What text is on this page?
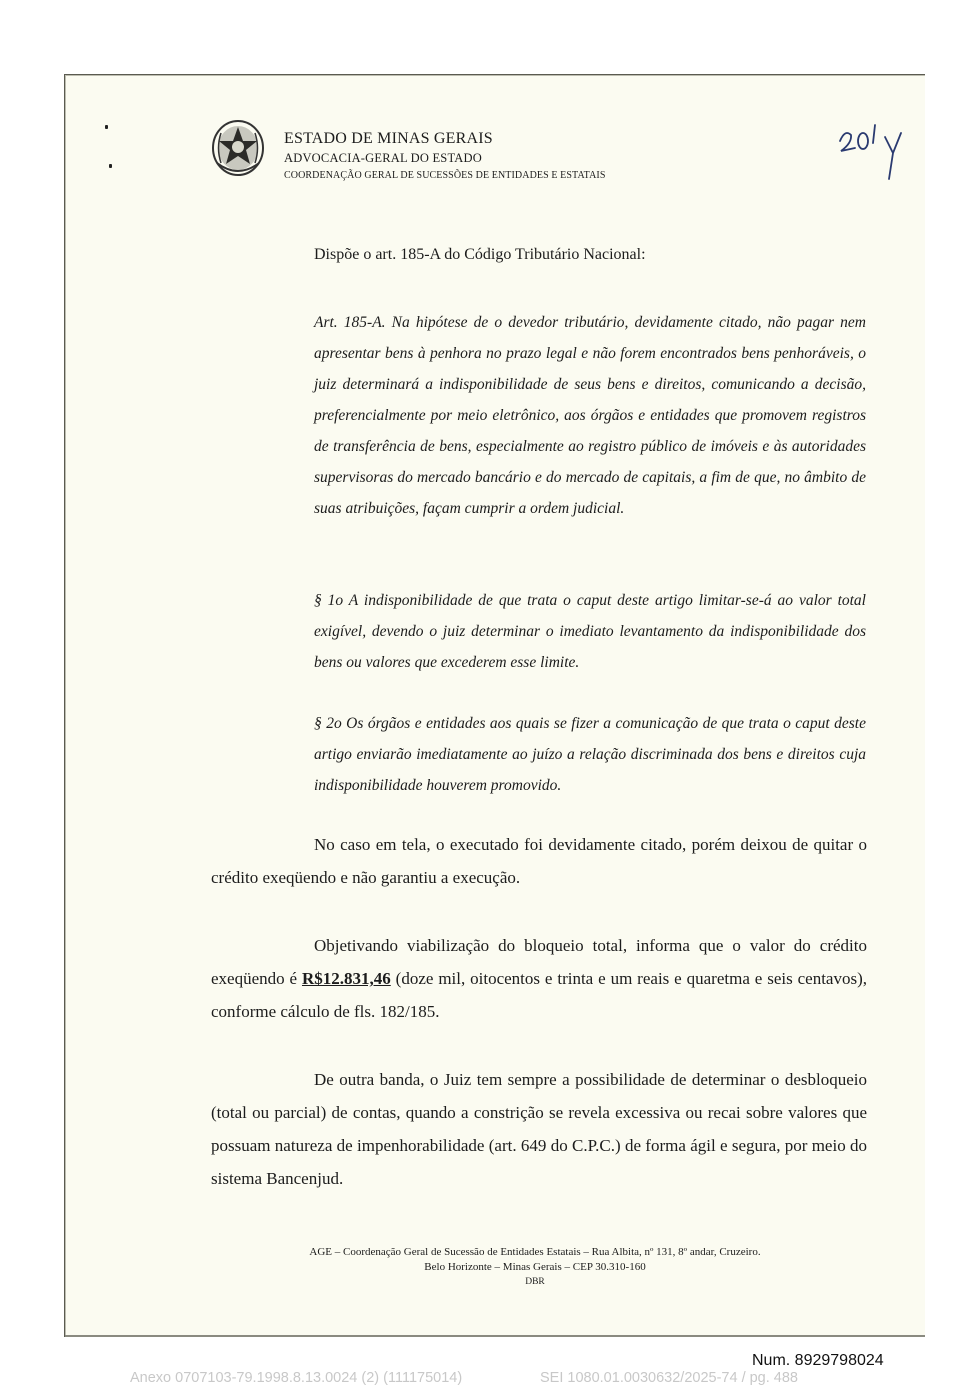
ESTADO DE MINAS GERAIS
ADVOCACIA-GERAL DO ESTADO
COORDENAÇÃO GERAL DE SUCESSÕES DE ENTIDADES E ESTATAIS
Dispõe o art. 185-A do Código Tributário Nacional:
Art. 185-A. Na hipótese de o devedor tributário, devidamente citado, não pagar nem apresentar bens à penhora no prazo legal e não forem encontrados bens penhoráveis, o juiz determinará a indisponibilidade de seus bens e direitos, comunicando a decisão, preferencialmente por meio eletrônico, aos órgãos e entidades que promovem registros de transferência de bens, especialmente ao registro público de imóveis e às autoridades supervisoras do mercado bancário e do mercado de capitais, a fim de que, no âmbito de suas atribuições, façam cumprir a ordem judicial.
§ 1o A indisponibilidade de que trata o caput deste artigo limitar-se-á ao valor total exigível, devendo o juiz determinar o imediato levantamento da indisponibilidade dos bens ou valores que excederem esse limite.
§ 2o Os órgãos e entidades aos quais se fizer a comunicação de que trata o caput deste artigo enviarão imediatamente ao juízo a relação discriminada dos bens e direitos cuja indisponibilidade houverem promovido.
No caso em tela, o executado foi devidamente citado, porém deixou de quitar o crédito exeqüendo e não garantiu a execução.
Objetivando viabilização do bloqueio total, informa que o valor do crédito exeqüendo é R$12.831,46 (doze mil, oitocentos e trinta e um reais e quaretma e seis centavos), conforme cálculo de fls. 182/185.
De outra banda, o Juiz tem sempre a possibilidade de determinar o desbloqueio (total ou parcial) de contas, quando a constrição se revela excessiva ou recai sobre valores que possuam natureza de impenhorabilidade (art. 649 do C.P.C.) de forma ágil e segura, por meio do sistema Bancenjud.
AGE – Coordenação Geral de Sucessão de Entidades Estatais – Rua Albita, nº 131, 8º andar, Cruzeiro.
Belo Horizonte – Minas Gerais – CEP 30.310-160
DBR
Num. 8929798024
Anexo 0707103-79.1998.8.13.0024 (2) (111175014)	SEI 1080.01.0030632/2025-74 / pg. 488
